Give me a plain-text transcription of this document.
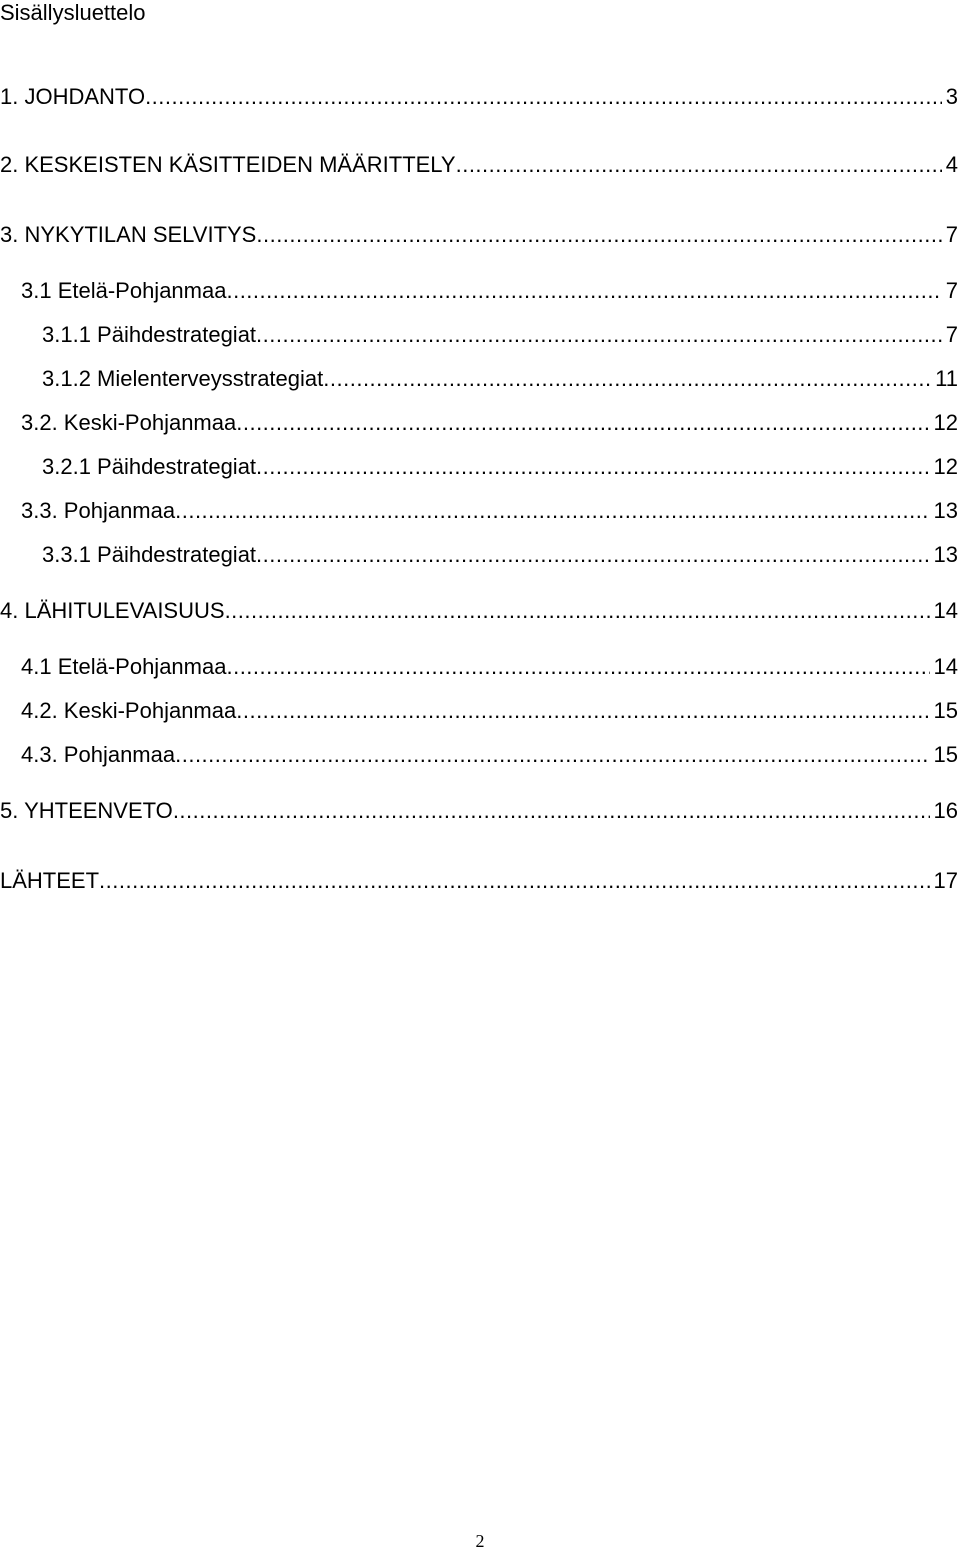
Sisällysluettelo
1. JOHDANTO .....	3
2. KESKEISTEN KÄSITTEIDEN MÄÄRITTELY .....	4
3. NYKYTILAN SELVITYS .....	7
3.1 Etelä-Pohjanmaa .....	7
3.1.1 Päihdestrategiat .....	7
3.1.2 Mielenterveysstrategiat .....	11
3.2. Keski-Pohjanmaa .....	12
3.2.1 Päihdestrategiat .....	12
3.3. Pohjanmaa .....	13
3.3.1 Päihdestrategiat .....	13
4. LÄHITULEVAISUUS .....	14
4.1 Etelä-Pohjanmaa .....	14
4.2. Keski-Pohjanmaa .....	15
4.3. Pohjanmaa .....	15
5. YHTEENVETO .....	16
LÄHTEET .....	17
2
